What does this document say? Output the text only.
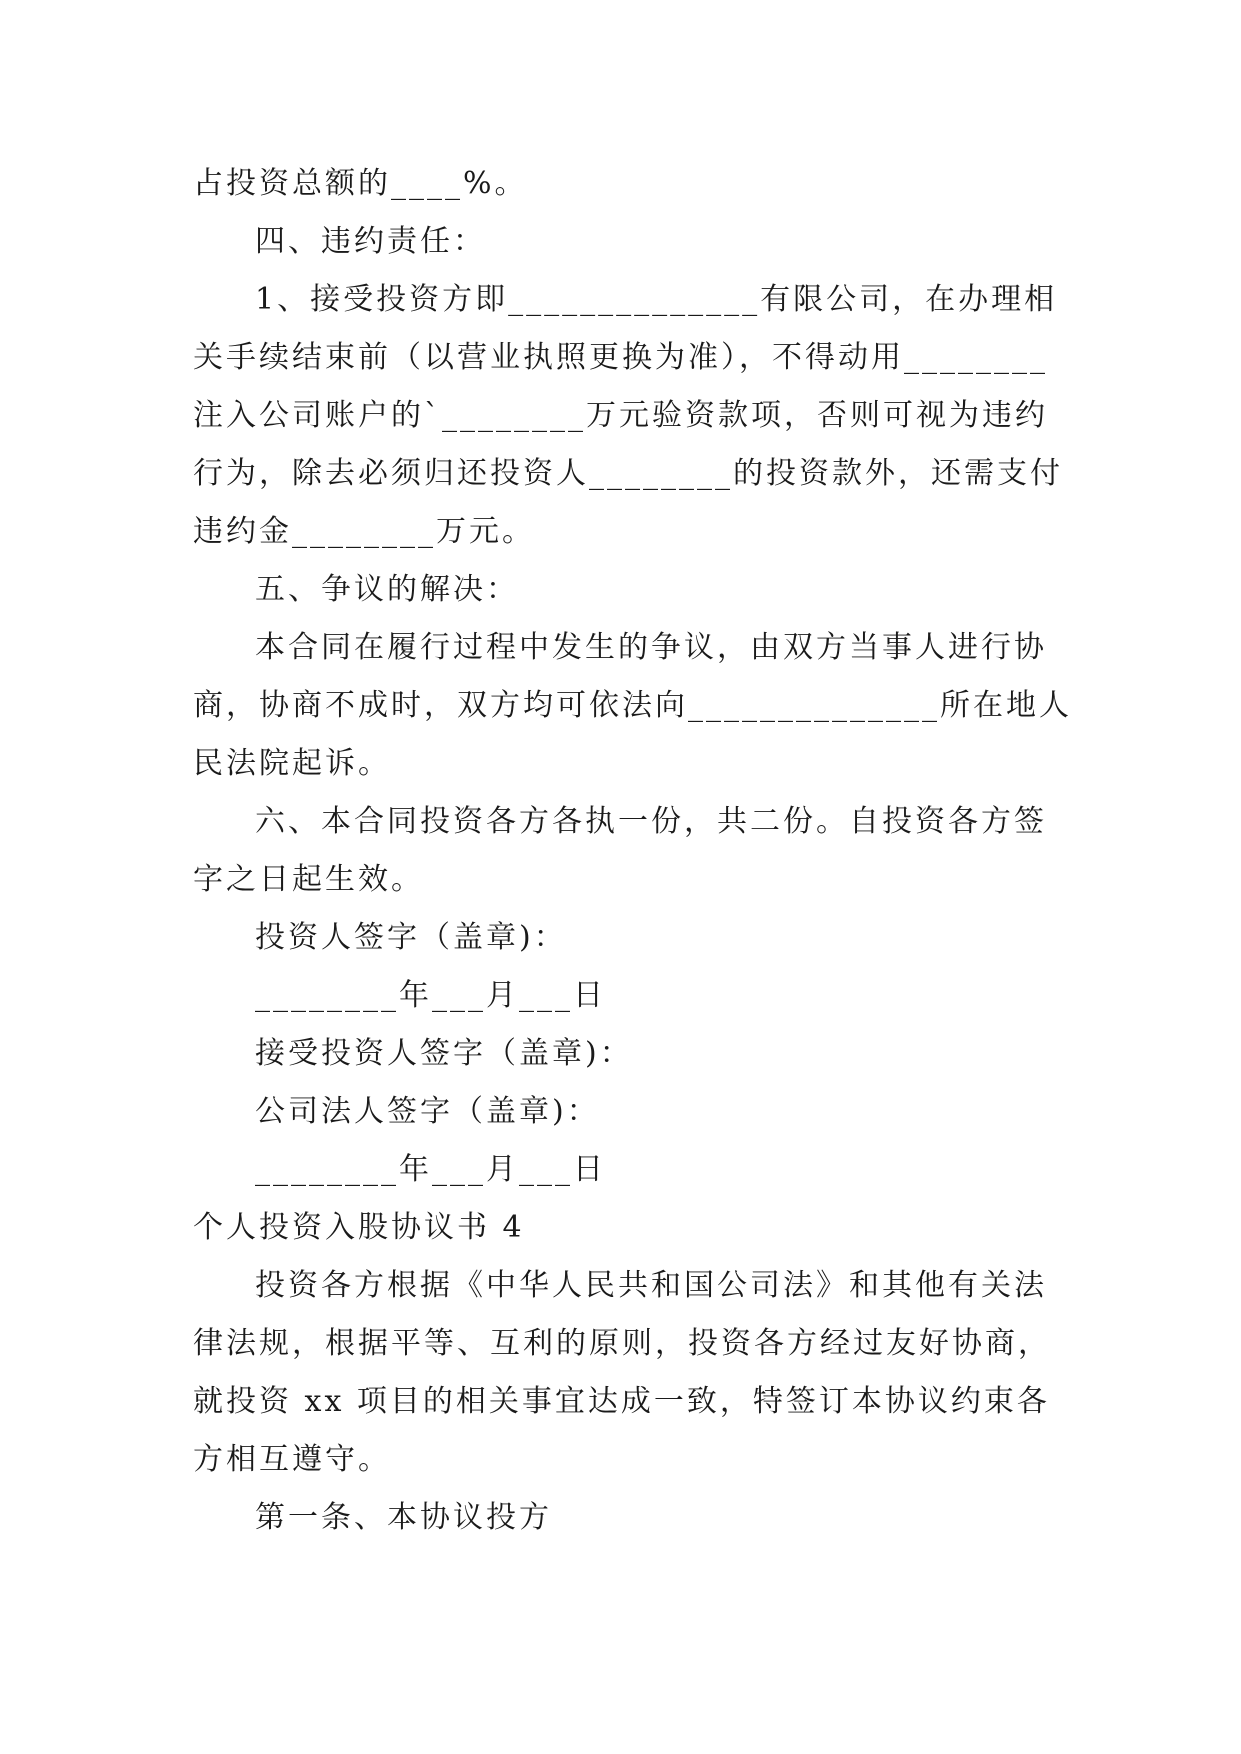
占投资总额的____%。
四、违约责任：
1、接受投资方即______________有限公司，在办理相
关手续结束前（以营业执照更换为准），不得动用________
注入公司账户的`________万元验资款项，否则可视为违约
行为，除去必须归还投资人________的投资款外，还需支付
违约金________万元。
五、争议的解决：
本合同在履行过程中发生的争议，由双方当事人进行协
商，协商不成时，双方均可依法向______________所在地人
民法院起诉。
六、本合同投资各方各执一份，共二份。自投资各方签
字之日起生效。
投资人签字（盖章)：
________年___月___日
接受投资人签字（盖章)：
公司法人签字（盖章)：
________年___月___日
个人投资入股协议书 4
投资各方根据《中华人民共和国公司法》和其他有关法
律法规，根据平等、互利的原则，投资各方经过友好协商，
就投资 xx 项目的相关事宜达成一致，特签订本协议约束各
方相互遵守。
第一条、本协议投方
